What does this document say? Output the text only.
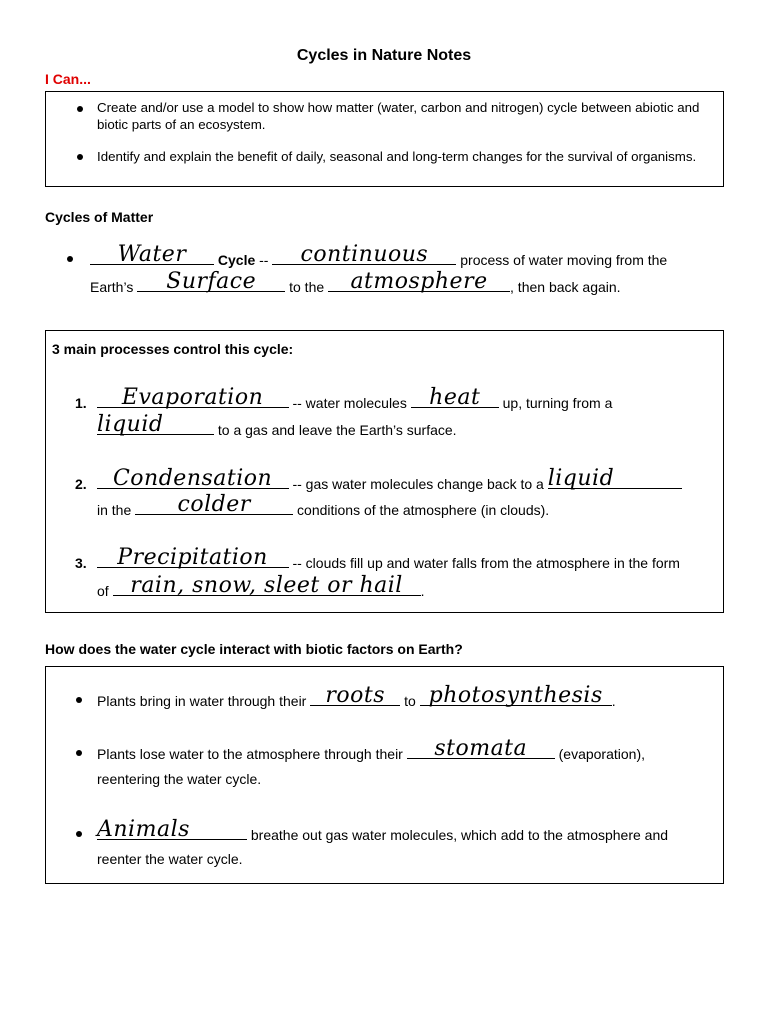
Cycles in Nature Notes
I Can...
Create and/or use a model to show how matter (water, carbon and nitrogen) cycle between abiotic and biotic parts of an ecosystem.
Identify and explain the benefit of daily, seasonal and long-term changes for the survival of organisms.
Cycles of Matter
Water	Cycle --	continuous	process of water moving from the
Earth’s	Surface	to the	atmosphere	, then back again.
3 main processes control this cycle:
1.	Evaporation	-- water molecules	heat	up, turning from a
liquid	to a gas and leave the Earth’s surface.
2.	Condensation	-- gas water molecules change back to a liquid
in the	colder	conditions of the atmosphere (in clouds).
3.	Precipitation	-- clouds fill up and water falls from the atmosphere in the form
of rain, snow, sleet or hail	.
How does the water cycle interact with biotic factors on Earth?
Plants bring in water through their roots	to photosynthesis .
Plants lose water to the atmosphere through their	stomata	(evaporation),
reentering the water cycle.
Animals	breathe out gas water molecules, which add to the atmosphere and
reenter the water cycle.
